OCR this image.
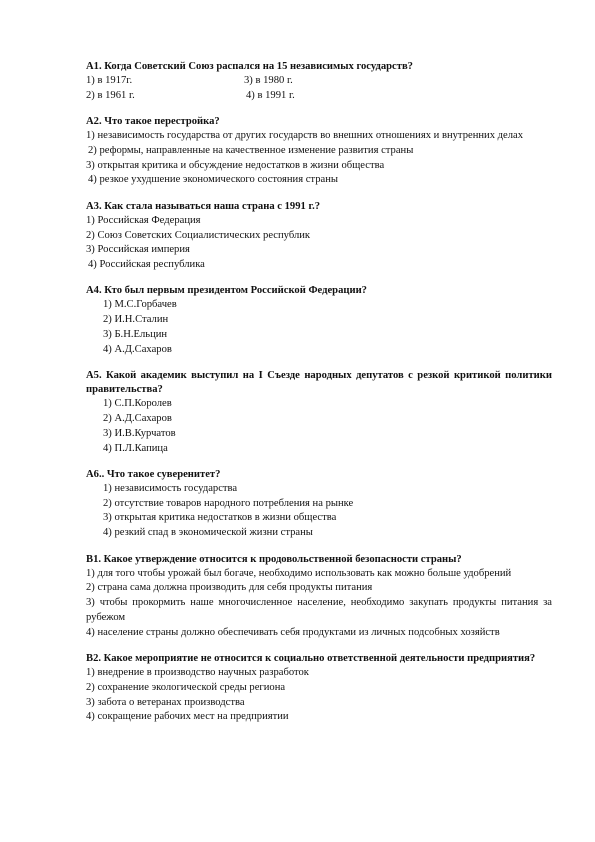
А1. Когда Советский Союз распался на 15 независимых государств?
1) в 1917г.	3) в 1980 г.
2) в 1961 г.	4) в 1991 г.
А2. Что такое перестройка?
1) независимость государства от других государств во внешних отношениях и внутренних делах
2) реформы, направленные на качественное изменение развития страны
3) открытая критика и обсуждение недостатков в жизни общества
4) резкое ухудшение экономического состояния страны
А3. Как стала называться наша страна с 1991 г.?
1) Российская Федерация
2) Союз Советских Социалистических республик
3) Российская империя
4) Российская республика
А4. Кто был первым президентом Российской Федерации?
1) М.С.Горбачев
2) И.Н.Сталин
3) Б.Н.Ельцин
4) А.Д.Сахаров
А5. Какой академик выступил на I Съезде народных депутатов с резкой критикой политики правительства?
1) С.П.Королев
2) А.Д.Сахаров
3) И.В.Курчатов
4) П.Л.Капица
А6.. Что такое суверенитет?
1) независимость государства
2) отсутствие товаров народного потребления на рынке
3) открытая критика недостатков в жизни общества
4) резкий спад в экономической жизни страны
В1. Какое утверждение относится к продовольственной безопасности страны?
1) для того чтобы урожай был богаче, необходимо использовать как можно больше удобрений
2) страна сама должна производить для себя продукты питания
3) чтобы прокормить наше многочисленное население, необходимо закупать продукты питания за рубежом
4) население страны должно обеспечивать себя продуктами из личных подсобных хозяйств
В2. Какое мероприятие не относится к социально ответственной деятельности предприятия?
1) внедрение в производство научных разработок
2) сохранение экологической среды региона
3) забота о ветеранах производства
4) сокращение рабочих мест на предприятии
